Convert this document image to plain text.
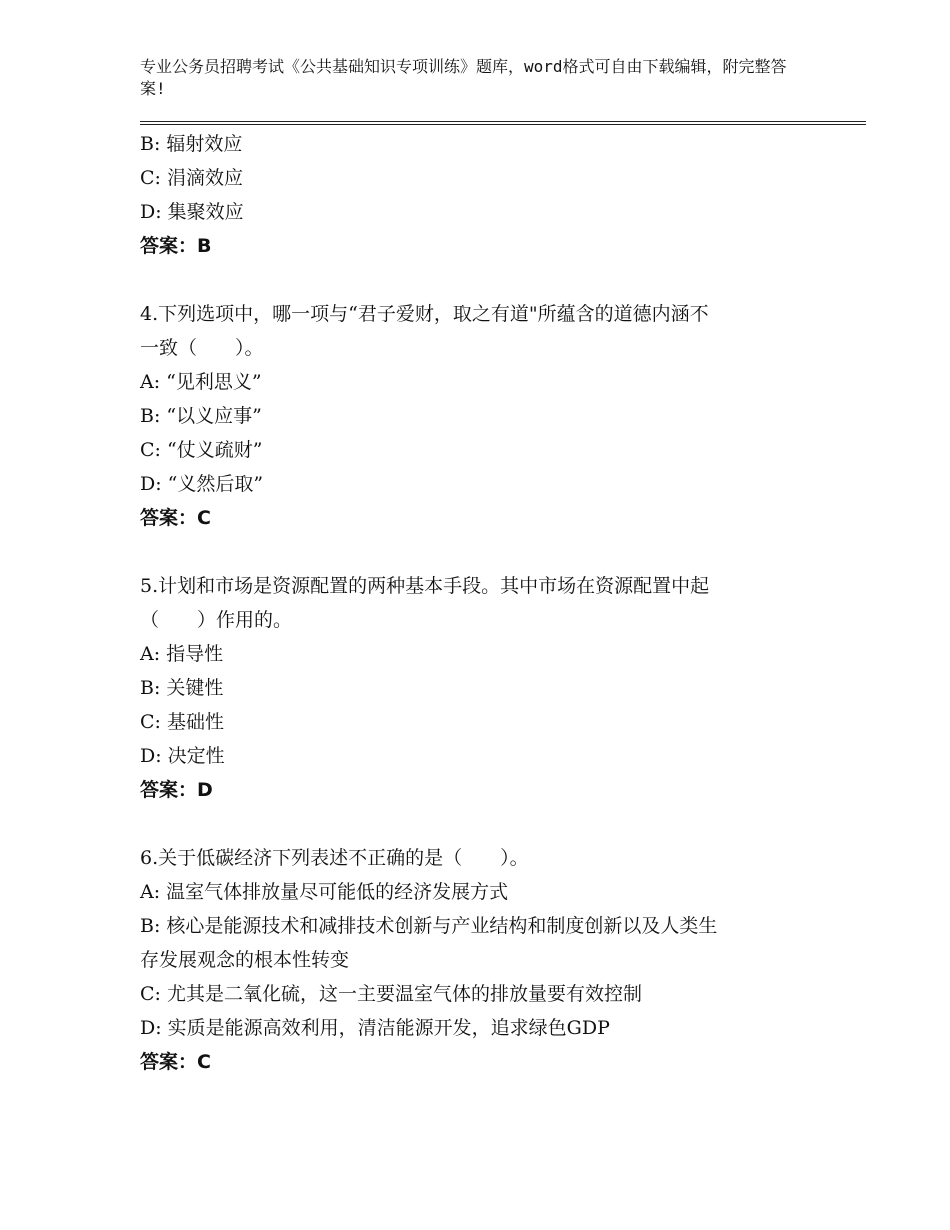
专业公务员招聘考试《公共基础知识专项训练》题库，word格式可自由下载编辑，附完整答案!
B: 辐射效应
C: 涓滴效应
D: 集聚效应
答案：B
4.下列选项中，哪一项与“君子爱财，取之有道"所蕴含的道德内涵不
一致（　　）。
A: “见利思义”
B: “以义应事”
C: “仗义疏财”
D: “义然后取”
答案：C
5.计划和市场是资源配置的两种基本手段。其中市场在资源配置中起
（　　）作用的。
A: 指导性
B: 关键性
C: 基础性
D: 决定性
答案：D
6.关于低碳经济下列表述不正确的是（　　）。
A: 温室气体排放量尽可能低的经济发展方式
B: 核心是能源技术和减排技术创新与产业结构和制度创新以及人类生
存发展观念的根本性转变
C: 尤其是二氧化硫，这一主要温室气体的排放量要有效控制
D: 实质是能源高效利用，清洁能源开发，追求绿色GDP
答案：C
